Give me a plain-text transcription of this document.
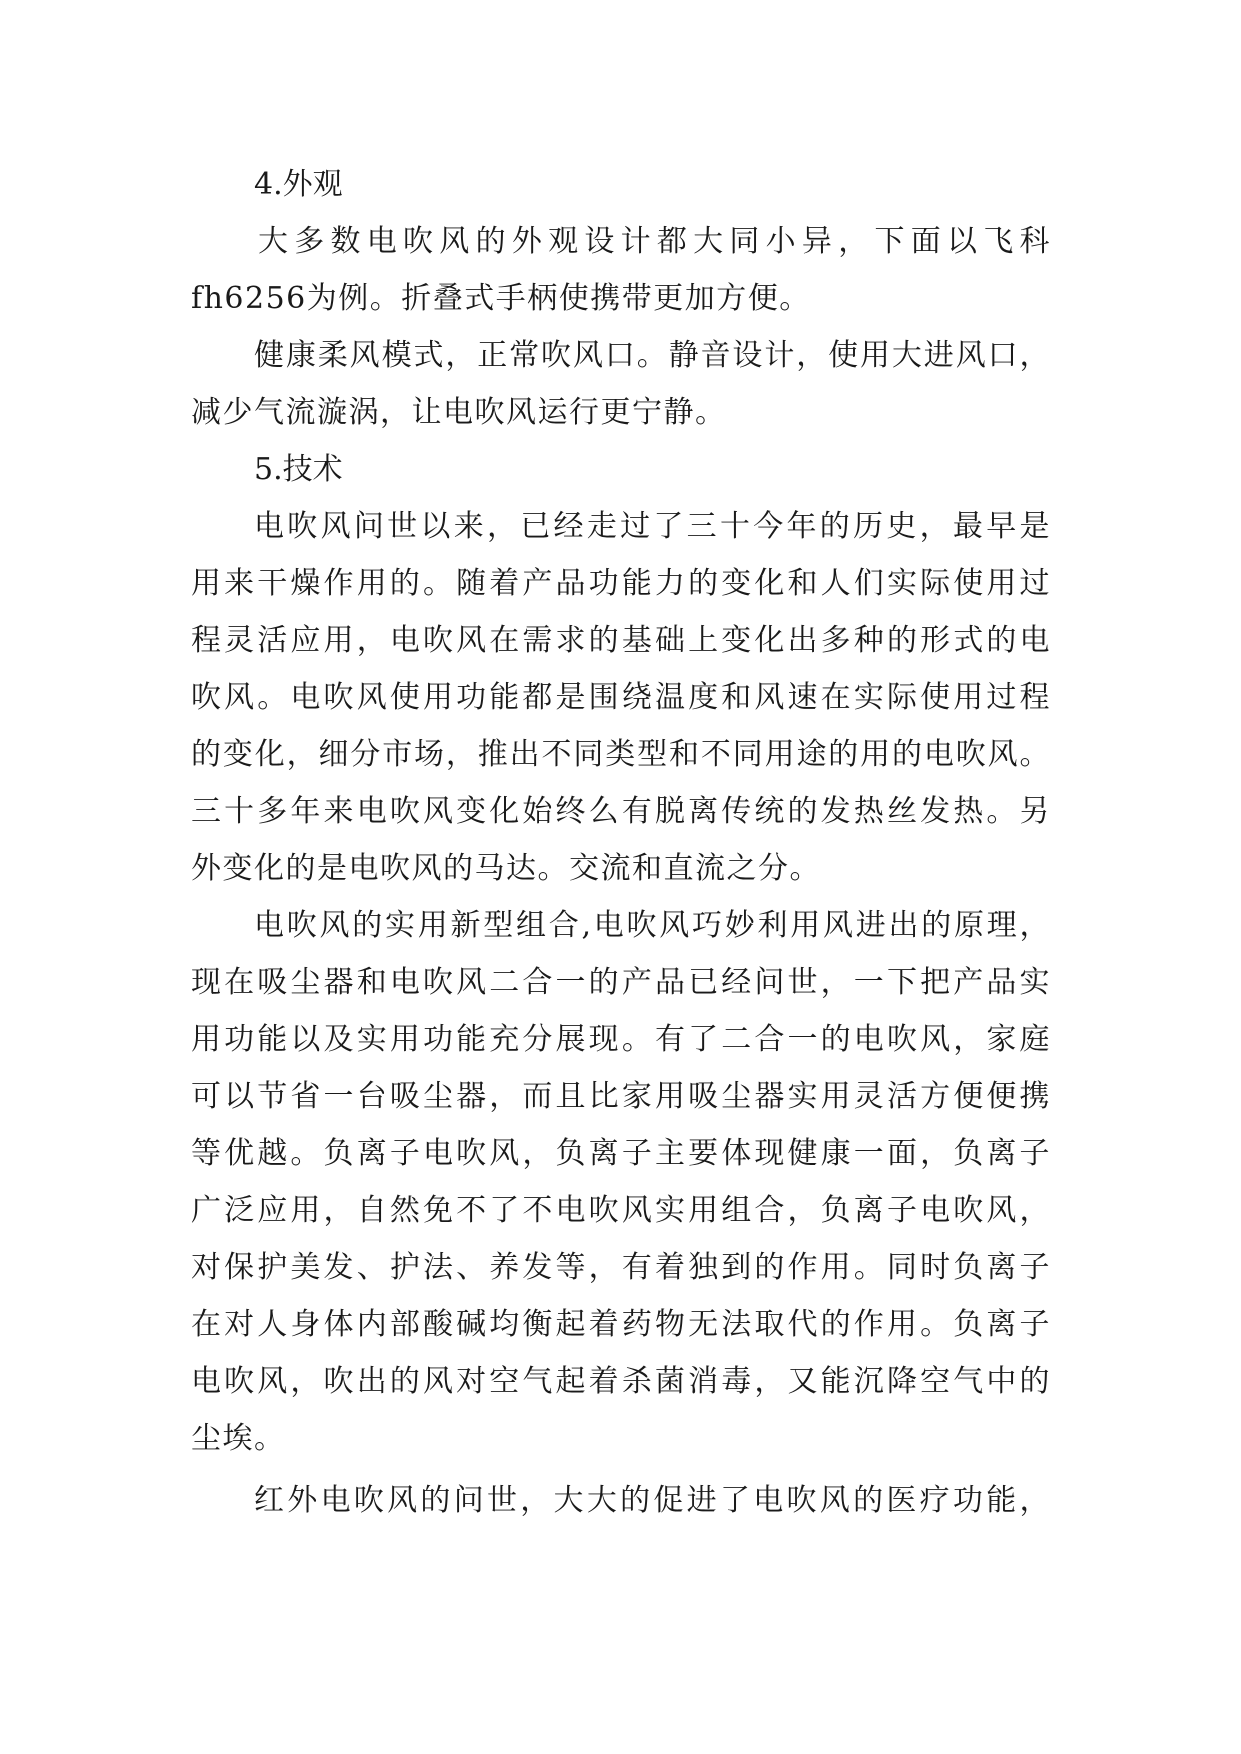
4.外观
大多数电吹风的外观设计都大同小异，下面以飞科
fh6256为例。折叠式手柄使携带更加方便。
健康柔风模式，正常吹风口。静音设计，使用大进风口，
减少气流漩涡，让电吹风运行更宁静。
5.技术
电吹风问世以来，已经走过了三十今年的历史，最早是
用来干燥作用的。随着产品功能力的变化和人们实际使用过
程灵活应用，电吹风在需求的基础上变化出多种的形式的电
吹风。电吹风使用功能都是围绕温度和风速在实际使用过程
的变化，细分市场，推出不同类型和不同用途的用的电吹风。
三十多年来电吹风变化始终么有脱离传统的发热丝发热。另
外变化的是电吹风的马达。交流和直流之分。
电吹风的实用新型组合,电吹风巧妙利用风进出的原理，
现在吸尘器和电吹风二合一的产品已经问世，一下把产品实
用功能以及实用功能充分展现。有了二合一的电吹风，家庭
可以节省一台吸尘器，而且比家用吸尘器实用灵活方便便携
等优越。负离子电吹风，负离子主要体现健康一面，负离子
广泛应用，自然免不了不电吹风实用组合，负离子电吹风，
对保护美发、护法、养发等，有着独到的作用。同时负离子
在对人身体内部酸碱均衡起着药物无法取代的作用。负离子
电吹风，吹出的风对空气起着杀菌消毒，又能沉降空气中的
尘埃。
红外电吹风的问世，大大的促进了电吹风的医疗功能，
